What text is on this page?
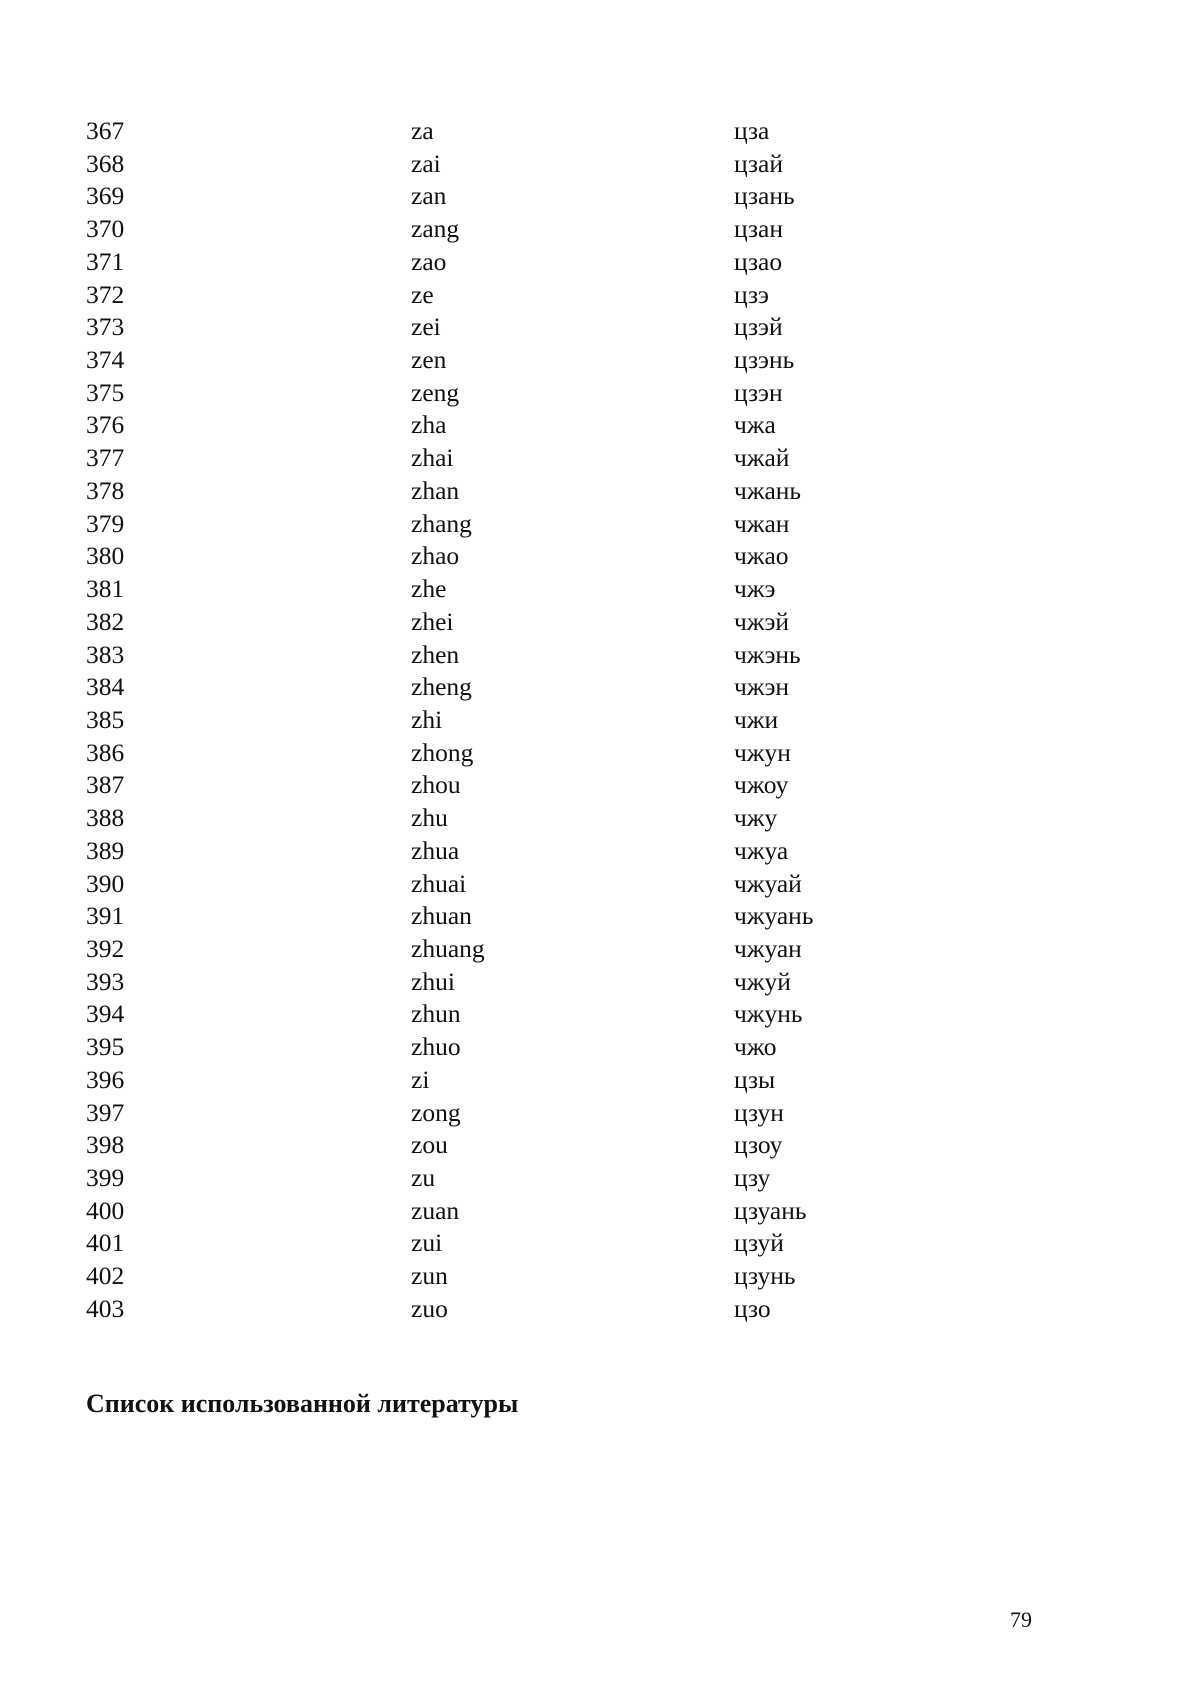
367	za	цза
368	zai	цзай
369	zan	цзань
370	zang	цзан
371	zao	цзао
372	ze	цзэ
373	zei	цзэй
374	zen	цзэнь
375	zeng	цзэн
376	zha	чжа
377	zhai	чжай
378	zhan	чжань
379	zhang	чжан
380	zhao	чжао
381	zhe	чжэ
382	zhei	чжэй
383	zhen	чжэнь
384	zheng	чжэн
385	zhi	чжи
386	zhong	чжун
387	zhou	чжоу
388	zhu	чжу
389	zhua	чжуа
390	zhuai	чжуай
391	zhuan	чжуань
392	zhuang	чжуан
393	zhui	чжуй
394	zhun	чжунь
395	zhuo	чжо
396	zi	цзы
397	zong	цзун
398	zou	цзоу
399	zu	цзу
400	zuan	цзуань
401	zui	цзуй
402	zun	цзунь
403	zuo	цзо
Список использованной литературы
79
